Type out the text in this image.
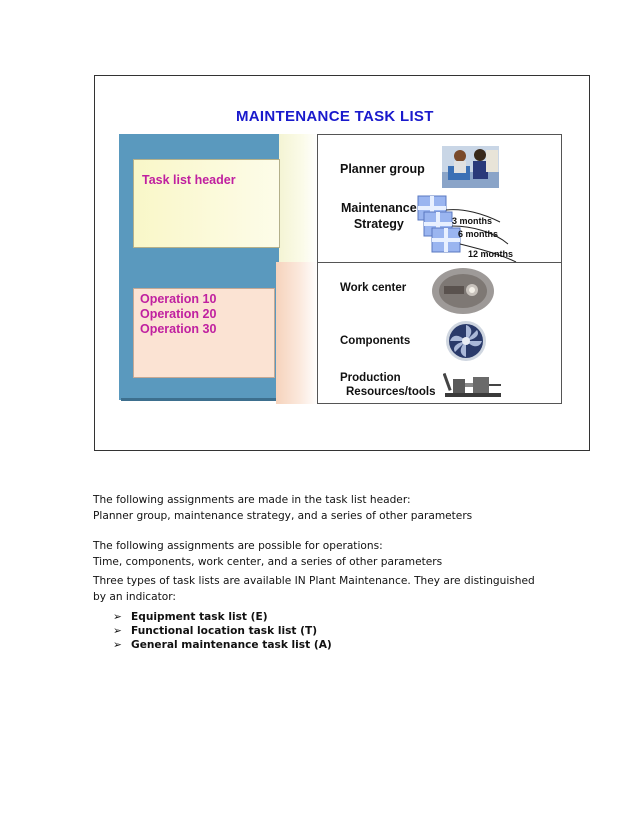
MAINTENANCE TASK LIST
Task list header
Operation 10
Operation 20
Operation 30
Planner group
Maintenance
Strategy
Work center
Components
Production
Resources/tools
3 months
6 months
12 months
The following assignments are made in the task list header:
Planner group, maintenance strategy, and a series of other parameters
The following assignments are possible for operations:
Time, components, work center, and a series of other parameters
Three types of task lists are available IN Plant Maintenance. They are distinguished
by an indicator:
➢ Equipment task list (E)
➢ Functional location task list (T)
➢ General maintenance task list (A)
